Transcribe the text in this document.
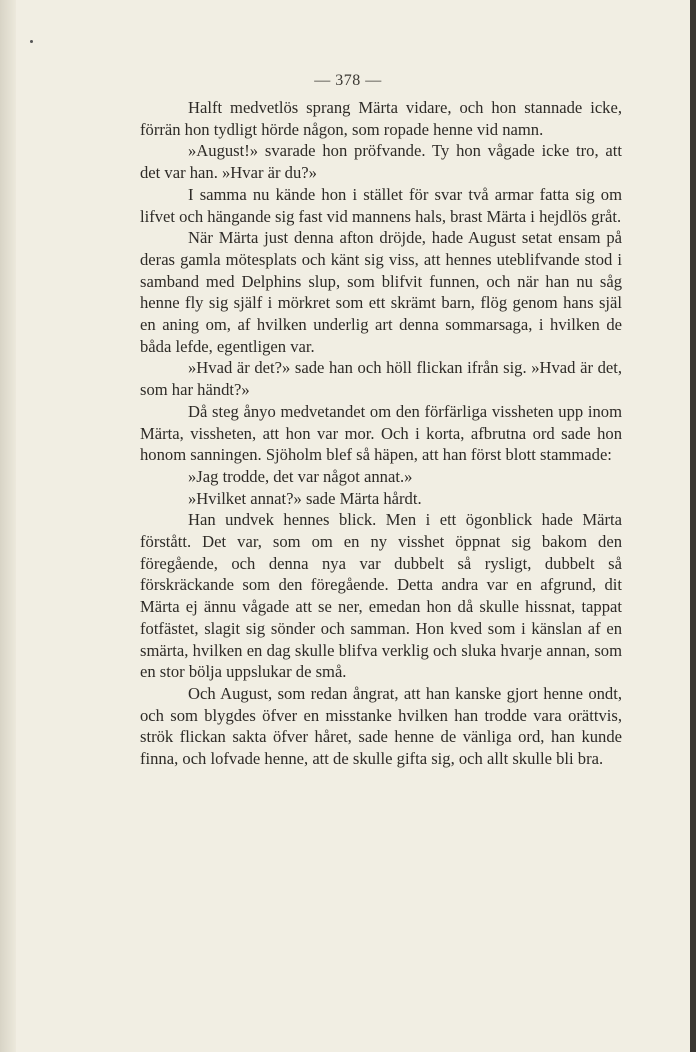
— 378 —

Halft medvetlös sprang Märta vidare, och hon stannade icke, förrän hon tydligt hörde någon, som ropade henne vid namn.

»August!» svarade hon pröfvande. Ty hon vågade icke tro, att det var han. »Hvar är du?»

I samma nu kände hon i stället för svar två armar fatta sig om lifvet och hängande sig fast vid mannens hals, brast Märta i hejdlös gråt.

När Märta just denna afton dröjde, hade August setat ensam på deras gamla mötesplats och känt sig viss, att hennes uteblifvande stod i samband med Delphins slup, som blifvit funnen, och när han nu såg henne fly sig själf i mörkret som ett skrämt barn, flög genom hans själ en aning om, af hvilken underlig art denna sommarsaga, i hvilken de båda lefde, egentligen var.

»Hvad är det?» sade han och höll flickan ifrån sig. »Hvad är det, som har händt?»

Då steg ånyo medvetandet om den förfärliga vissheten upp inom Märta, vissheten, att hon var mor. Och i korta, afbrutna ord sade hon honom sanningen. Sjöholm blef så häpen, att han först blott stammade:

»Jag trodde, det var något annat.»

»Hvilket annat?» sade Märta hårdt.

Han undvek hennes blick. Men i ett ögonblick hade Märta förstått. Det var, som om en ny visshet öppnat sig bakom den föregående, och denna nya var dubbelt så rysligt, dubbelt så förskräckande som den föregående. Detta andra var en afgrund, dit Märta ej ännu vågade att se ner, emedan hon då skulle hissnat, tappat fotfästet, slagit sig sönder och samman. Hon kved som i känslan af en smärta, hvilken en dag skulle blifva verklig och sluka hvarje annan, som en stor bölja uppslukar de små.

Och August, som redan ångrat, att han kanske gjort henne ondt, och som blygdes öfver en misstanke hvilken han trodde vara orättvis, strök flickan sakta öfver håret, sade henne de vänliga ord, han kunde finna, och lofvade henne, att de skulle gifta sig, och allt skulle bli bra.
